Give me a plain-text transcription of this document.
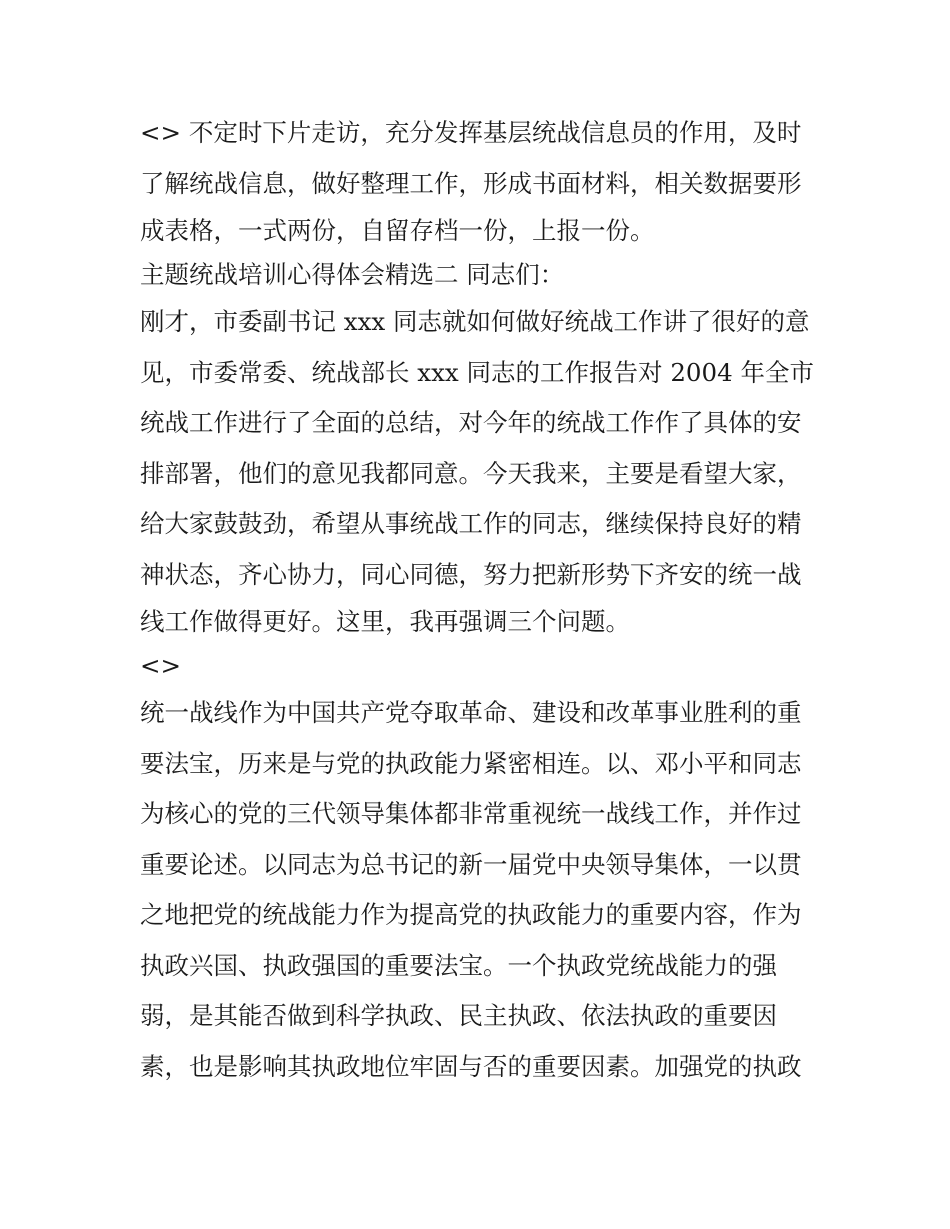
<> 不定时下片走访，充分发挥基层统战信息员的作用，及时
了解统战信息，做好整理工作，形成书面材料，相关数据要形
成表格，一式两份，自留存档一份，上报一份。
主题统战培训心得体会精选二 同志们：
刚才，市委副书记 xxx 同志就如何做好统战工作讲了很好的意
见，市委常委、统战部长 xxx 同志的工作报告对 2004 年全市
统战工作进行了全面的总结，对今年的统战工作作了具体的安
排部署，他们的意见我都同意。今天我来，主要是看望大家，
给大家鼓鼓劲，希望从事统战工作的同志，继续保持良好的精
神状态，齐心协力，同心同德，努力把新形势下齐安的统一战
线工作做得更好。这里，我再强调三个问题。
<>
统一战线作为中国共产党夺取革命、建设和改革事业胜利的重
要法宝，历来是与党的执政能力紧密相连。以、邓小平和同志
为核心的党的三代领导集体都非常重视统一战线工作，并作过
重要论述。以同志为总书记的新一届党中央领导集体，一以贯
之地把党的统战能力作为提高党的执政能力的重要内容，作为
执政兴国、执政强国的重要法宝。一个执政党统战能力的强
弱，是其能否做到科学执政、民主执政、依法执政的重要因
素，也是影响其执政地位牢固与否的重要因素。加强党的执政
